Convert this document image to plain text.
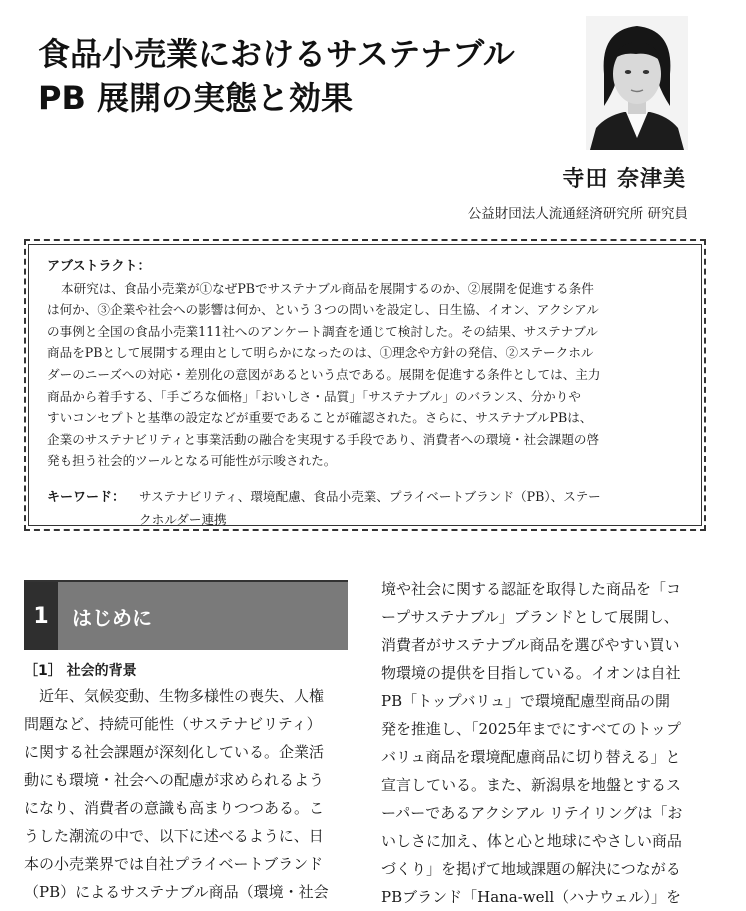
食品小売業におけるサステナブル
PB 展開の実態と効果
寺田 奈津美
公益財団法人流通経済研究所 研究員
アブストラクト：
本研究は、食品小売業が①なぜPBでサステナブル商品を展開するのか、②展開を促進する条件
は何か、③企業や社会への影響は何か、という３つの問いを設定し、日生協、イオン、アクシアル
の事例と全国の食品小売業111社へのアンケート調査を通じて検討した。その結果、サステナブル
商品をPBとして展開する理由として明らかになったのは、①理念や方針の発信、②ステークホル
ダーのニーズへの対応・差別化の意図があるという点である。展開を促進する条件としては、主力
商品から着手する、「手ごろな価格」「おいしさ・品質」「サステナブル」のバランス、分かりや
すいコンセプトと基準の設定などが重要であることが確認された。さらに、サステナブルPBは、
企業のサステナビリティと事業活動の融合を実現する手段であり、消費者への環境・社会課題の啓
発も担う社会的ツールとなる可能性が示唆された。
キーワード： サステナビリティ、環境配慮、食品小売業、プライベートブランド（PB）、ステー
クホルダー連携
1	はじめに
［1］ 社会的背景
近年、気候変動、生物多様性の喪失、人権
問題など、持続可能性（サステナビリティ）
に関する社会課題が深刻化している。企業活
動にも環境・社会への配慮が求められるよう
になり、消費者の意識も高まりつつある。こ
うした潮流の中で、以下に述べるように、日
本の小売業界では自社プライベートブランド
（PB）によるサステナブル商品（環境・社会
境や社会に関する認証を取得した商品を「コ
ープサステナブル」ブランドとして展開し、
消費者がサステナブル商品を選びやすい買い
物環境の提供を目指している。イオンは自社
PB「トップバリュ」で環境配慮型商品の開
発を推進し、「2025年までにすべてのトップ
バリュ商品を環境配慮商品に切り替える」と
宣言している。また、新潟県を地盤とするス
ーパーであるアクシアル リテイリングは「お
いしさに加え、体と心と地球にやさしい商品
づくり」を掲げて地域課題の解決につながる
PBブランド「Hana-well（ハナウェル）」を
